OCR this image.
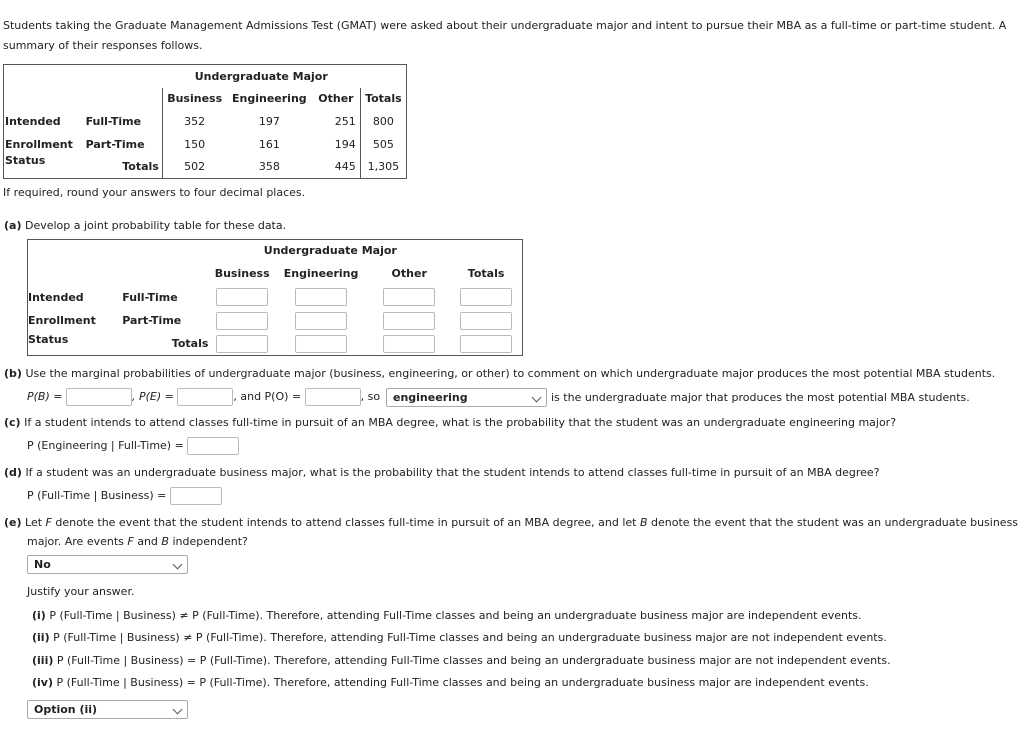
Students taking the Graduate Management Admissions Test (GMAT) were asked about their undergraduate major and intent to pursue their MBA as a full-time or part-time student. A summary of their responses follows.
		Undergraduate Major			
		Business	Engineering	Other	Totals
Intended	Full-Time	352	197	251	800
Enrollment	Part-Time	150	161	194	505
Status	Totals	502	358	445	1,305
If required, round your answers to four decimal places.
(a) Develop a joint probability table for these data.
		Undergraduate Major			
		Business	Engineering	Other	Totals
Intended	Full-Time				
Enrollment	Part-Time				
Status	Totals				
(b) Use the marginal probabilities of undergraduate major (business, engineering, or other) to comment on which undergraduate major produces the most potential MBA students.
P(B) =	, P(E) =	, and P(O) =	, so	engineering	is the undergraduate major that produces the most potential MBA students.
(c) If a student intends to attend classes full-time in pursuit of an MBA degree, what is the probability that the student was an undergraduate engineering major?
P (Engineering | Full-Time) =
(d) If a student was an undergraduate business major, what is the probability that the student intends to attend classes full-time in pursuit of an MBA degree?
P (Full-Time | Business) =
(e) Let F denote the event that the student intends to attend classes full-time in pursuit of an MBA degree, and let B denote the event that the student was an undergraduate business
major. Are events F and B independent?
No
Justify your answer.
(i) P (Full-Time | Business) ≠ P (Full-Time). Therefore, attending Full-Time classes and being an undergraduate business major are independent events.
(ii) P (Full-Time | Business) ≠ P (Full-Time). Therefore, attending Full-Time classes and being an undergraduate business major are not independent events.
(iii) P (Full-Time | Business) = P (Full-Time). Therefore, attending Full-Time classes and being an undergraduate business major are not independent events.
(iv) P (Full-Time | Business) = P (Full-Time). Therefore, attending Full-Time classes and being an undergraduate business major are independent events.
Option (ii)
